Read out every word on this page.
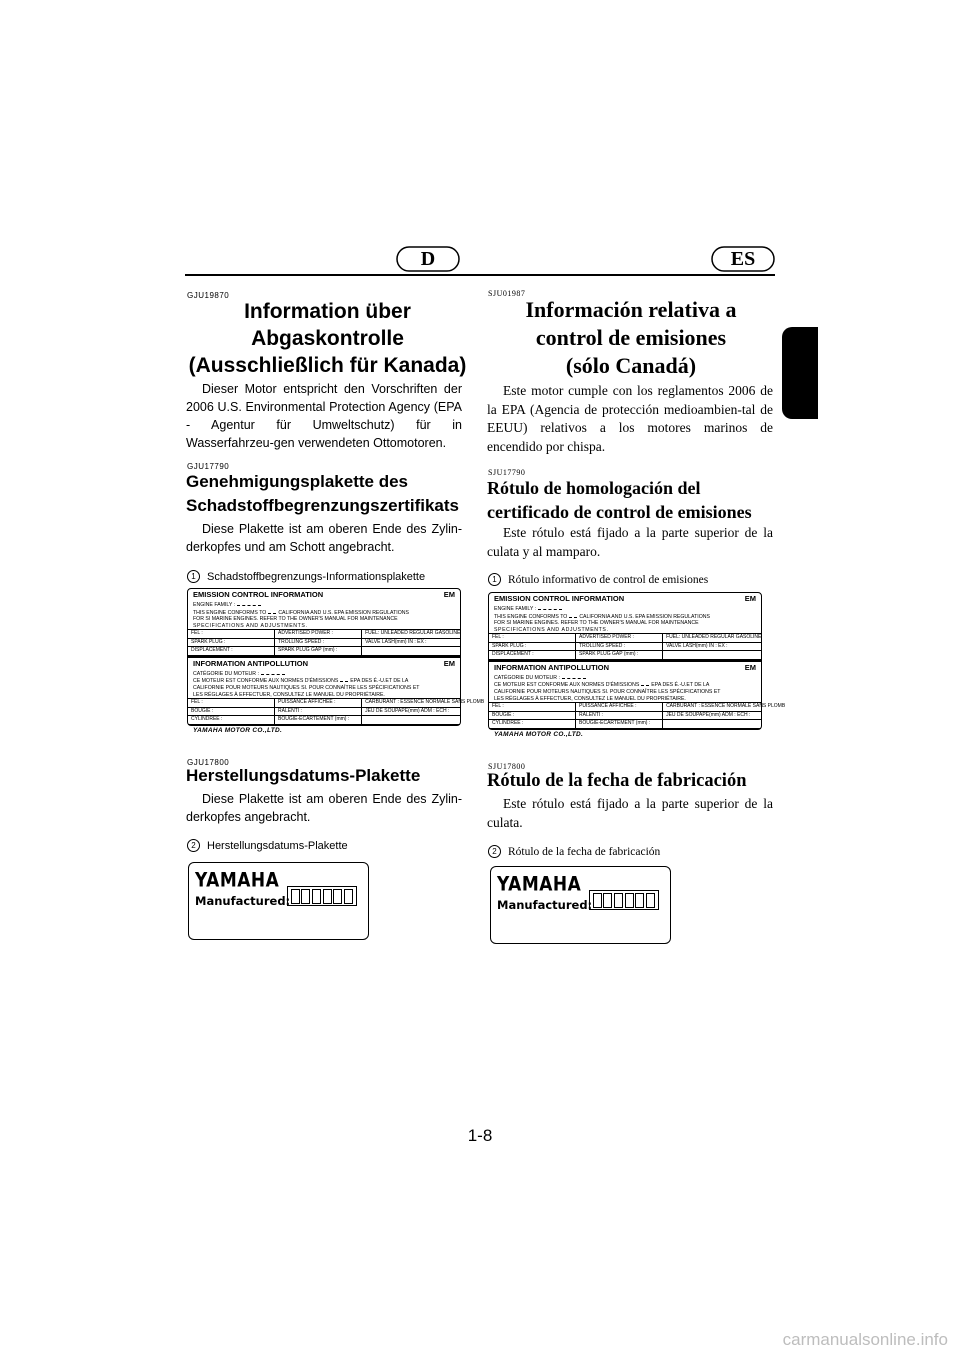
D	ES
GJU19870
Information über
Abgaskontrolle
(Ausschließlich für Kanada)

Dieser Motor entspricht den Vorschriften der 2006 U.S. Environmental Protection Agency (EPA - Agentur für Umweltschutz) für in Wasserfahrzeu-gen verwendeten Ottomotoren.

GJU17790
Genehmigungsplakette des
Schadstoffbegrenzungszertifikats

Diese Plakette ist am oberen Ende des Zylin-derkopfes und am Schott angebracht.

1 Schadstoffbegrenzungs-Informationsplakette
EMISSION CONTROL INFORMATION	EM
ENGINE FAMILY :
THIS ENGINE CONFORMS TO CALIFORNIA AND U.S. EPA EMISSION REGULATIONS
FOR SI MARINE ENGINES. REFER TO THE OWNER'S MANUAL FOR MAINTENANCE
SPECIFICATIONS AND ADJUSTMENTS.
FEL :	ADVERTISED POWER :	FUEL: UNLEADED REGULAR GASOLINE
SPARK PLUG :	TROLLING SPEED :	VALVE LASH(mm) IN : EX :
DISPLACEMENT :	SPARK PLUG GAP (mm) :
INFORMATION ANTIPOLLUTION	EM
CATÉGORIE DU MOTEUR :
CE MOTEUR EST CONFORME AUX NORMES D'ÉMISSIONS EPA DES É.-U.ET DE LA
CALIFORNIE POUR MOTEURS NAUTIQUES SI. POUR CONNAÎTRE LES SPÉCIFICATIONS ET
LES RÉGLAGES À EFFECTUER, CONSULTEZ LE MANUEL DU PROPRIÉTAIRE.
FEL :	PUISSANCE AFFICHÉE :	CARBURANT : ESSENCE NORMALE SANS PLOMB
BOUGIE :	RALENTI :	JEU DE SOUPAPE(mm) ADM : ÉCH :
CYLINDRÉE :	BOUGIE-ÉCARTEMENT (mm) :
YAMAHA MOTOR CO.,LTD.
GJU17800
Herstellungsdatums-Plakette

Diese Plakette ist am oberen Ende des Zylin-derkopfes angebracht.

2 Herstellungsdatums-Plakette
YAMAHA
Manufactured:
SJU01987
Información relativa a
control de emisiones
(sólo Canadá)

Este motor cumple con los reglamentos 2006 de la EPA (Agencia de protección medioambien-tal de EEUU) relativos a los motores marinos de encendido por chispa.

SJU17790
Rótulo de homologación del
certificado de control de emisiones

Este rótulo está fijado a la parte superior de la culata y al mamparo.

1 Rótulo informativo de control de emisiones
EMISSION CONTROL INFORMATION	EM
ENGINE FAMILY :
THIS ENGINE CONFORMS TO CALIFORNIA AND U.S. EPA EMISSION REGULATIONS
FOR SI MARINE ENGINES. REFER TO THE OWNER'S MANUAL FOR MAINTENANCE
SPECIFICATIONS AND ADJUSTMENTS.
FEL :	ADVERTISED POWER :	FUEL: UNLEADED REGULAR GASOLINE
SPARK PLUG :	TROLLING SPEED :	VALVE LASH(mm) IN : EX :
DISPLACEMENT :	SPARK PLUG GAP (mm) :
INFORMATION ANTIPOLLUTION	EM
CATÉGORIE DU MOTEUR :
CE MOTEUR EST CONFORME AUX NORMES D'ÉMISSIONS EPA DES É.-U.ET DE LA
CALIFORNIE POUR MOTEURS NAUTIQUES SI. POUR CONNAÎTRE LES SPÉCIFICATIONS ET
LES RÉGLAGES À EFFECTUER, CONSULTEZ LE MANUEL DU PROPRIÉTAIRE.
FEL :	PUISSANCE AFFICHÉE :	CARBURANT : ESSENCE NORMALE SANS PLOMB
BOUGIE :	RALENTI :	JEU DE SOUPAPE(mm) ADM : ÉCH :
CYLINDRÉE :	BOUGIE-ÉCARTEMENT (mm) :
YAMAHA MOTOR CO.,LTD.
SJU17800
Rótulo de la fecha de fabricación

Este rótulo está fijado a la parte superior de la culata.

2 Rótulo de la fecha de fabricación
YAMAHA
Manufactured:
1-8
carmanualsonline.info
